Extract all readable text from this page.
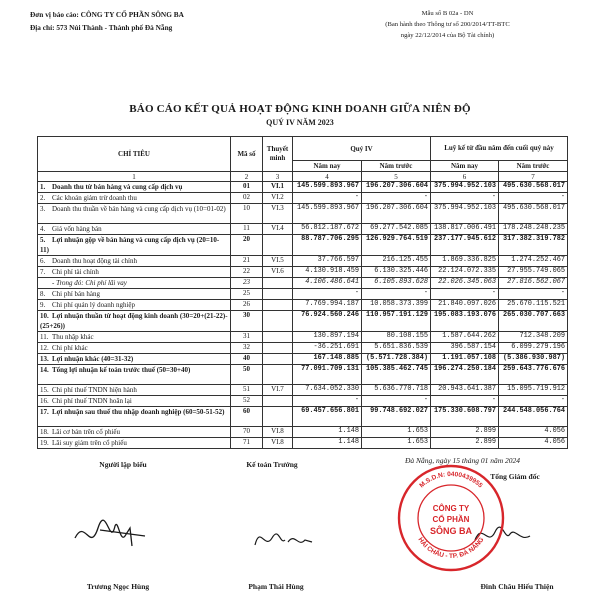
Đơn vị báo cáo: CÔNG TY CỔ PHẦN SÔNG BA
Địa chỉ: 573 Núi Thành - Thành phố Đà Nẵng
Mẫu số B 02a - DN
(Ban hành theo Thông tư số 200/2014/TT-BTC
ngày 22/12/2014 của Bộ Tài chính)
BÁO CÁO KẾT QUẢ HOẠT ĐỘNG KINH DOANH GIỮA NIÊN ĐỘ
QUÝ IV NĂM 2023
CHỈ TIÊU	Mã số	Thuyết minh	Quý IV		Luỹ kế từ đầu năm đến cuối quý này	
			Năm nay	Năm trước	Năm nay	Năm trước
1	2	3	4	5	6	7
1. Doanh thu từ bán hàng và cung cấp dịch vụ	01	VI.1	145.599.893.967	196.207.306.604	375.994.952.103	495.630.568.017
2. Các khoản giảm trừ doanh thu	02	VI.2	-	-	-	-
3. Doanh thu thuần về bán hàng và cung cấp dịch vụ (10=01-02)	10	VI.3	145.599.893.967	196.207.306.604	375.994.952.103	495.630.568.017
4. Giá vốn hàng bán	11	VI.4	56.812.187.672	69.277.542.085	138.817.006.491	178.248.248.235
5. Lợi nhuận gộp về bán hàng và cung cấp dịch vụ (20=10-11)	20		88.787.706.295	126.929.764.519	237.177.945.612	317.382.319.782
6. Doanh thu hoạt động tài chính	21	VI.5	37.766.597	216.125.455	1.869.336.825	1.274.252.467
7. Chi phí tài chính	22	VI.6	4.130.918.459	6.130.325.446	22.124.072.335	27.955.749.065
- Trong đó: Chi phí lãi vay	23		4.106.486.641	6.105.893.628	22.026.345.063	27.816.562.067
8. Chi phí bán hàng	25		-	-	-	-
9. Chi phí quản lý doanh nghiệp	26		7.769.994.187	10.058.373.399	21.840.097.026	25.670.115.521
10. Lợi nhuận thuần từ hoạt động kinh doanh (30=20+(21-22)-(25+26))	30		76.924.560.246	110.957.191.129	195.083.193.076	265.030.707.663
11. Thu nhập khác	31		130.897.194	80.108.155	1.587.644.262	712.348.209
12. Chi phí khác	32		-36.251.691	5.651.836.539	396.587.154	6.099.279.196
13. Lợi nhuận khác (40=31-32)	40		167.148.885	(5.571.728.384)	1.191.057.108	(5.386.930.987)
14. Tổng lợi nhuận kế toán trước thuế (50=30+40)	50		77.091.709.131	105.385.462.745	196.274.250.184	259.643.776.676
15. Chi phí thuế TNDN hiện hành	51	VI.7	7.634.052.330	5.636.770.718	20.943.641.387	15.095.719.912
16. Chi phí thuế TNDN hoãn lại	52		-	-	-	-
17. Lợi nhuận sau thuế thu nhập doanh nghiệp (60=50-51-52)	60		69.457.656.801	99.748.692.027	175.330.608.797	244.548.056.764
18. Lãi cơ bản trên cổ phiếu	70	VI.8	1.148	1.653	2.899	4.056
19. Lãi suy giảm trên cổ phiếu	71	VI.8	1.148	1.653	2.899	4.056
Người lập biểu	Kế toán Trưởng	Đà Nẵng, ngày 15 tháng 01 năm 2024
Tổng Giám đốc
M.S.D.N: 0400439955
HẢI CHÂU - TP. ĐÀ NẴNG
CÔNG TY
CỔ PHẦN
SÔNG BA
Trương Ngọc Hùng	Phạm Thái Hùng	Đinh Châu Hiếu Thiện
